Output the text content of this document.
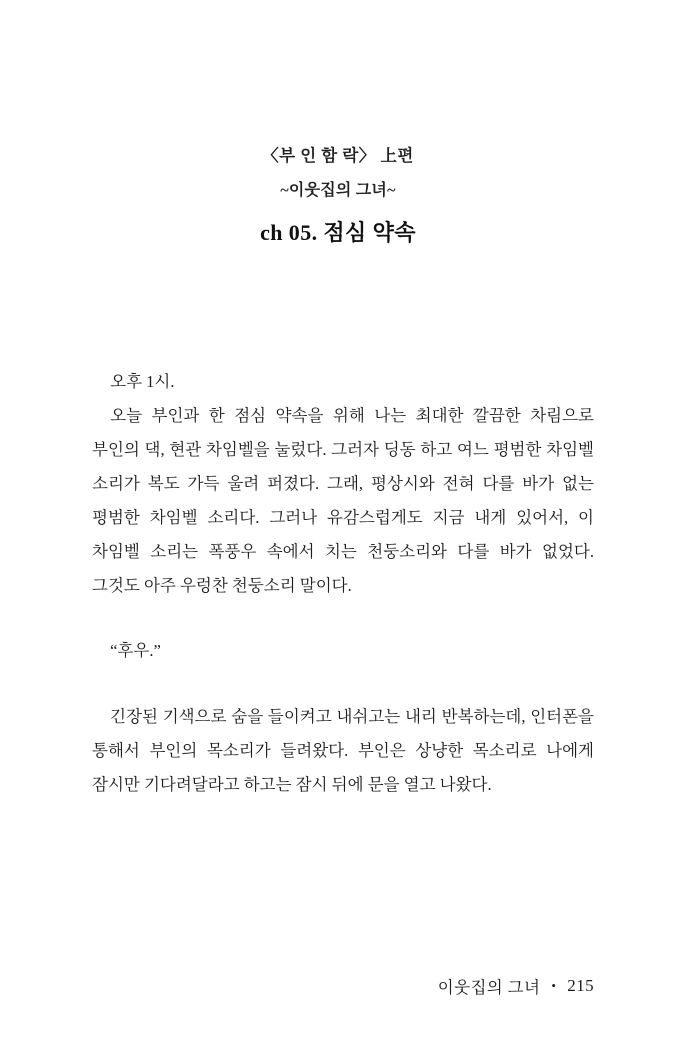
〈부 인 함 락〉 上편
~이웃집의 그녀~
ch 05. 점심 약속

오후 1시.

오늘 부인과 한 점심 약속을 위해 나는 최대한 깔끔한 차림으로 부인의 댁, 현관 차임벨을 눌렀다. 그러자 딩동 하고 여느 평범한 차임벨 소리가 복도 가득 울려 퍼졌다. 그래, 평상시와 전혀 다를 바가 없는 평범한 차임벨 소리다. 그러나 유감스럽게도 지금 내게 있어서, 이 차임벨 소리는 폭풍우 속에서 치는 천둥소리와 다를 바가 없었다. 그것도 아주 우렁찬 천둥소리 말이다.

“후우.”

긴장된 기색으로 숨을 들이켜고 내쉬고는 내리 반복하는데, 인터폰을 통해서 부인의 목소리가 들려왔다. 부인은 상냥한 목소리로 나에게 잠시만 기다려달라고 하고는 잠시 뒤에 문을 열고 나왔다.

이웃집의 그녀 • 215
